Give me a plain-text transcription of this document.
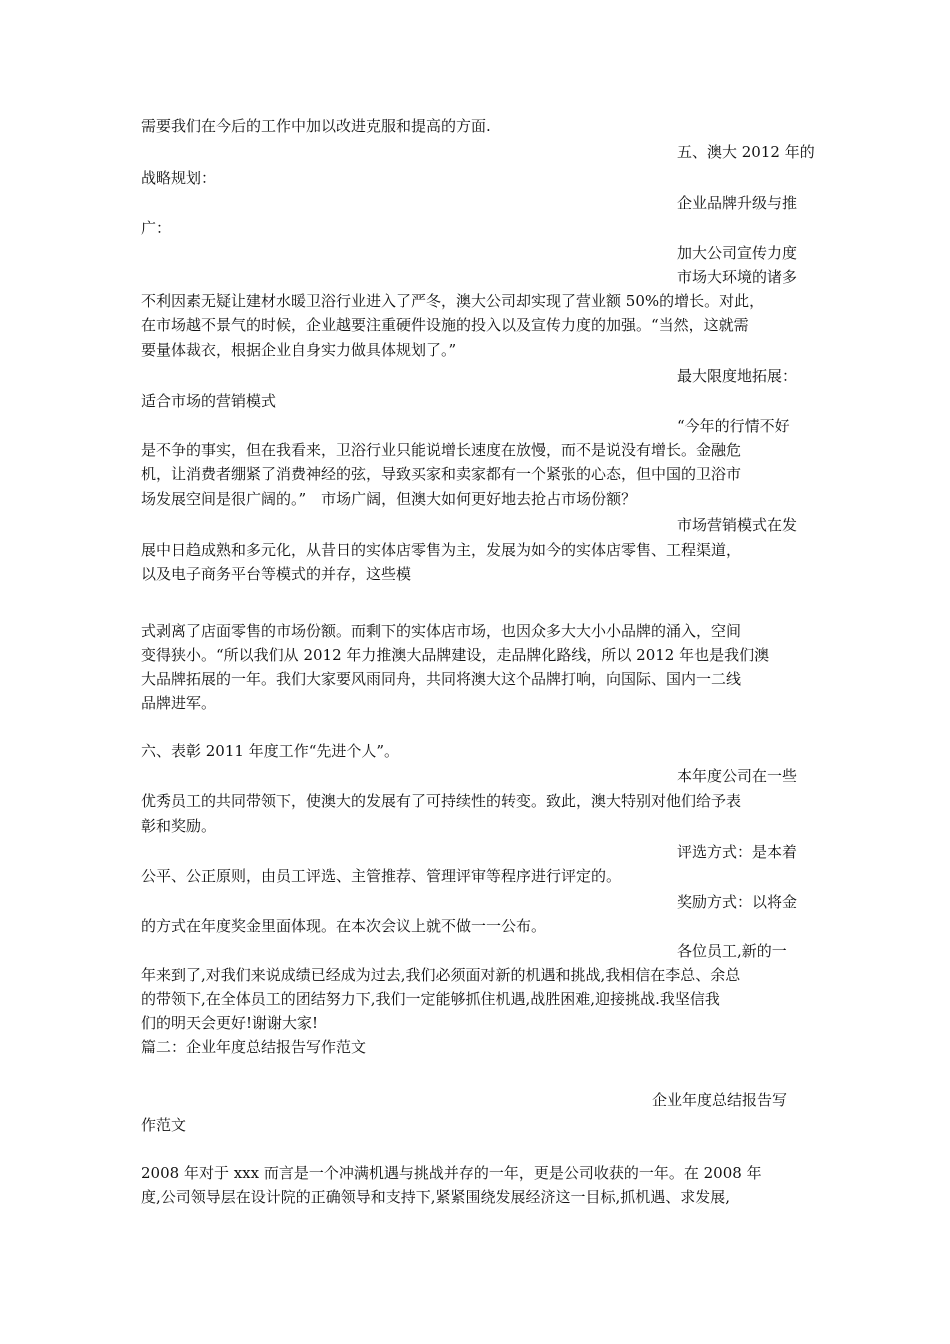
需要我们在今后的工作中加以改进克服和提高的方面.
五、澳大 2012 年的
战略规划：
企业品牌升级与推
广：
加大公司宣传力度
市场大环境的诸多
不利因素无疑让建材水暖卫浴行业进入了严冬，澳大公司却实现了营业额 50%的增长。对此，
在市场越不景气的时候，企业越要注重硬件设施的投入以及宣传力度的加强。“当然，这就需
要量体裁衣，根据企业自身实力做具体规划了。”
最大限度地拓展：
适合市场的营销模式
“今年的行情不好
是不争的事实，但在我看来，卫浴行业只能说增长速度在放慢，而不是说没有增长。金融危
机，让消费者绷紧了消费神经的弦，导致买家和卖家都有一个紧张的心态，但中国的卫浴市
场发展空间是很广阔的。”　市场广阔，但澳大如何更好地去抢占市场份额？
市场营销模式在发
展中日趋成熟和多元化，从昔日的实体店零售为主，发展为如今的实体店零售、工程渠道，
以及电子商务平台等模式的并存，这些模
式剥离了店面零售的市场份额。而剩下的实体店市场，也因众多大大小小品牌的涌入，空间
变得狭小。“所以我们从 2012 年力推澳大品牌建设，走品牌化路线，所以 2012 年也是我们澳
大品牌拓展的一年。我们大家要风雨同舟，共同将澳大这个品牌打响，向国际、国内一二线
品牌进军。
六、表彰 2011 年度工作“先进个人”。
本年度公司在一些
优秀员工的共同带领下，使澳大的发展有了可持续性的转变。致此，澳大特别对他们给予表
彰和奖励。
评选方式：是本着
公平、公正原则，由员工评选、主管推荐、管理评审等程序进行评定的。
奖励方式：以将金
的方式在年度奖金里面体现。在本次会议上就不做一一公布。
各位员工,新的一
年来到了,对我们来说成绩已经成为过去,我们必须面对新的机遇和挑战,我相信在李总、余总
的带领下,在全体员工的团结努力下,我们一定能够抓住机遇,战胜困难,迎接挑战.我坚信我
们的明天会更好!谢谢大家!
篇二：企业年度总结报告写作范文
企业年度总结报告写
作范文
2008 年对于 xxx 而言是一个冲满机遇与挑战并存的一年，更是公司收获的一年。在 2008 年
度,公司领导层在设计院的正确领导和支持下,紧紧围绕发展经济这一目标,抓机遇、求发展,
